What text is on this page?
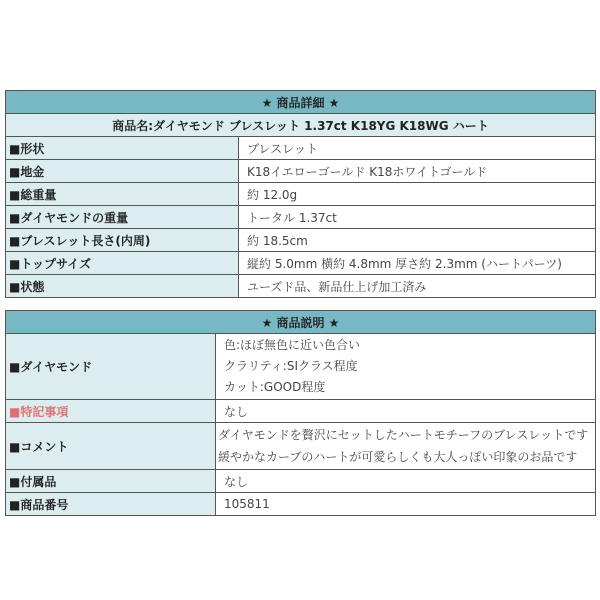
★ 商品詳細 ★	
商品名:ダイヤモンド ブレスレット 1.37ct K18YG K18WG ハート	
■形状	ブレスレット
■地金	K18イエローゴールド K18ホワイトゴールド
■総重量	約 12.0g
■ダイヤモンドの重量	トータル 1.37ct
■ブレスレット長さ(内周)	約 18.5cm
■トップサイズ	縦約 5.0mm 横約 4.8mm 厚さ約 2.3mm (ハートパーツ)
■状態	ユーズド品、新品仕上げ加工済み
★ 商品説明 ★	
■ダイヤモンド	色:ほぼ無色に近い色合い
クラリティ:SIクラス程度
カット:GOOD程度

■特記事項	なし
■コメント	ダイヤモンドを贅沢にセットしたハートモチーフのブレスレットです
緩やかなカーブのハートが可愛らしくも大人っぽい印象のお品です

■付属品	なし
■商品番号	105811
